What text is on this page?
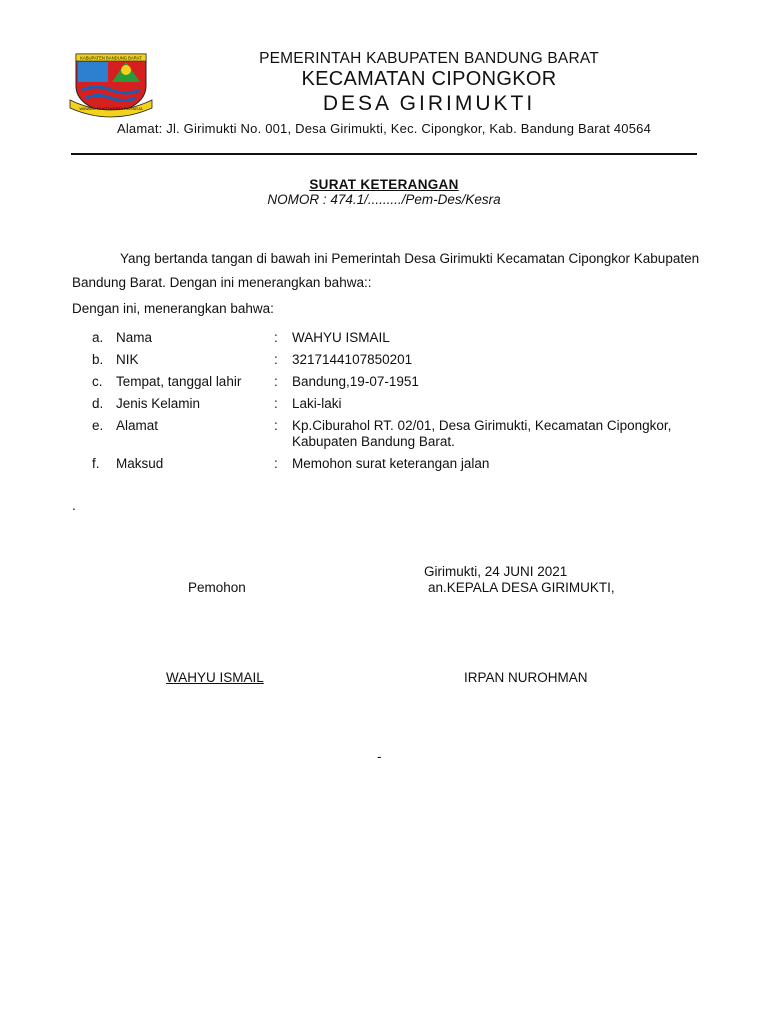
KABUPATEN BANDUNG BARAT
WIBAWA MUKTI KERTA RAHARJA
PEMERINTAH KABUPATEN BANDUNG BARAT
KECAMATAN CIPONGKOR
DESA GIRIMUKTI
Alamat: Jl. Girimukti No. 001, Desa Girimukti, Kec. Cipongkor, Kab. Bandung Barat 40564
SURAT KETERANGAN
NOMOR : 474.1/........./Pem-Des/Kesra
Yang bertanda tangan di bawah ini Pemerintah Desa Girimukti Kecamatan Cipongkor Kabupaten Bandung Barat. Dengan ini menerangkan bahwa::
Dengan ini, menerangkan bahwa:
a. Nama	:	WAHYU ISMAIL
b. NIK	:	3217144107850201
c. Tempat, tanggal lahir	:	Bandung,19-07-1951
d. Jenis Kelamin	:	Laki-laki
e. Alamat	:	Kp.Ciburahol RT. 02/01, Desa Girimukti, Kecamatan Cipongkor, Kabupaten Bandung Barat.
f.	Maksud	:	Memohon surat keterangan jalan
.
Girimukti, 24 JUNI 2021
an.KEPALA DESA GIRIMUKTI,
Pemohon
WAHYU ISMAIL	IRPAN NUROHMAN
-
